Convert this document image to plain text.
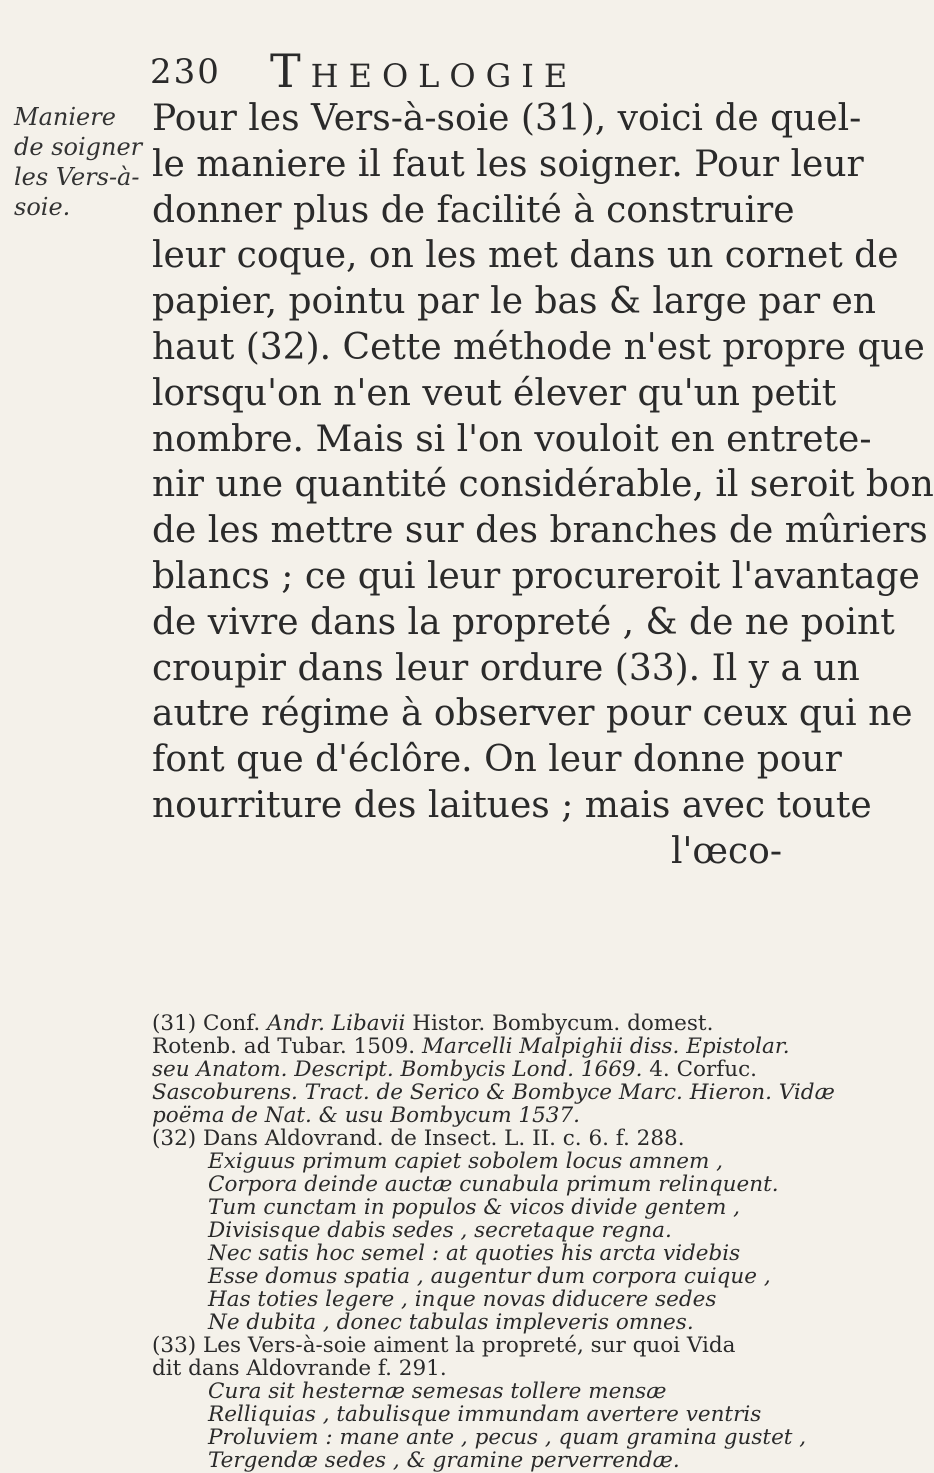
230 Theologie
Maniere
de soigner
les Vers-à-
soie.
Pour les Vers-à-soie (31), voici de quel-
le maniere il faut les soigner. Pour leur
donner plus de facilité à construire
leur coque, on les met dans un cornet de
papier, pointu par le bas & large par en
haut (32). Cette méthode n'est propre que
lorsqu'on n'en veut élever qu'un petit
nombre. Mais si l'on vouloit en entrete-
nir une quantité considérable, il seroit bon
de les mettre sur des branches de mûriers
blancs ; ce qui leur procureroit l'avantage
de vivre dans la propreté , & de ne point
croupir dans leur ordure (33). Il y a un
autre régime à observer pour ceux qui ne
font que d'éclôre. On leur donne pour
nourriture des laitues ; mais avec toute
l'œco-
(31) Conf. Andr. Libavii Histor. Bombycum. domest.
Rotenb. ad Tubar. 1509. Marcelli Malpighii diss. Epistolar.
seu Anatom. Descript. Bombycis Lond. 1669. 4. Corfuc.
Sascoburens. Tract. de Serico & Bombyce Marc. Hieron. Vidæ
poëma de Nat. & usu Bombycum 1537.
(32) Dans Aldovrand. de Insect. L. II. c. 6. f. 288.
Exiguus primum capiet sobolem locus amnem ,
Corpora deinde auctæ cunabula primum relinquent.
Tum cunctam in populos & vicos divide gentem ,
Divisisque dabis sedes , secretaque regna.
Nec satis hoc semel : at quoties his arcta videbis
Esse domus spatia , augentur dum corpora cuique ,
Has toties legere , inque novas diducere sedes
Ne dubita , donec tabulas impleveris omnes.
(33) Les Vers-à-soie aiment la propreté, sur quoi Vida
dit dans Aldovrande f. 291.
Cura sit hesternæ semesas tollere mensæ
Relliquias , tabulisque immundam avertere ventris
Proluviem : mane ante , pecus , quam gramina gustet ,
Tergendæ sedes , & gramine perverrendæ.
